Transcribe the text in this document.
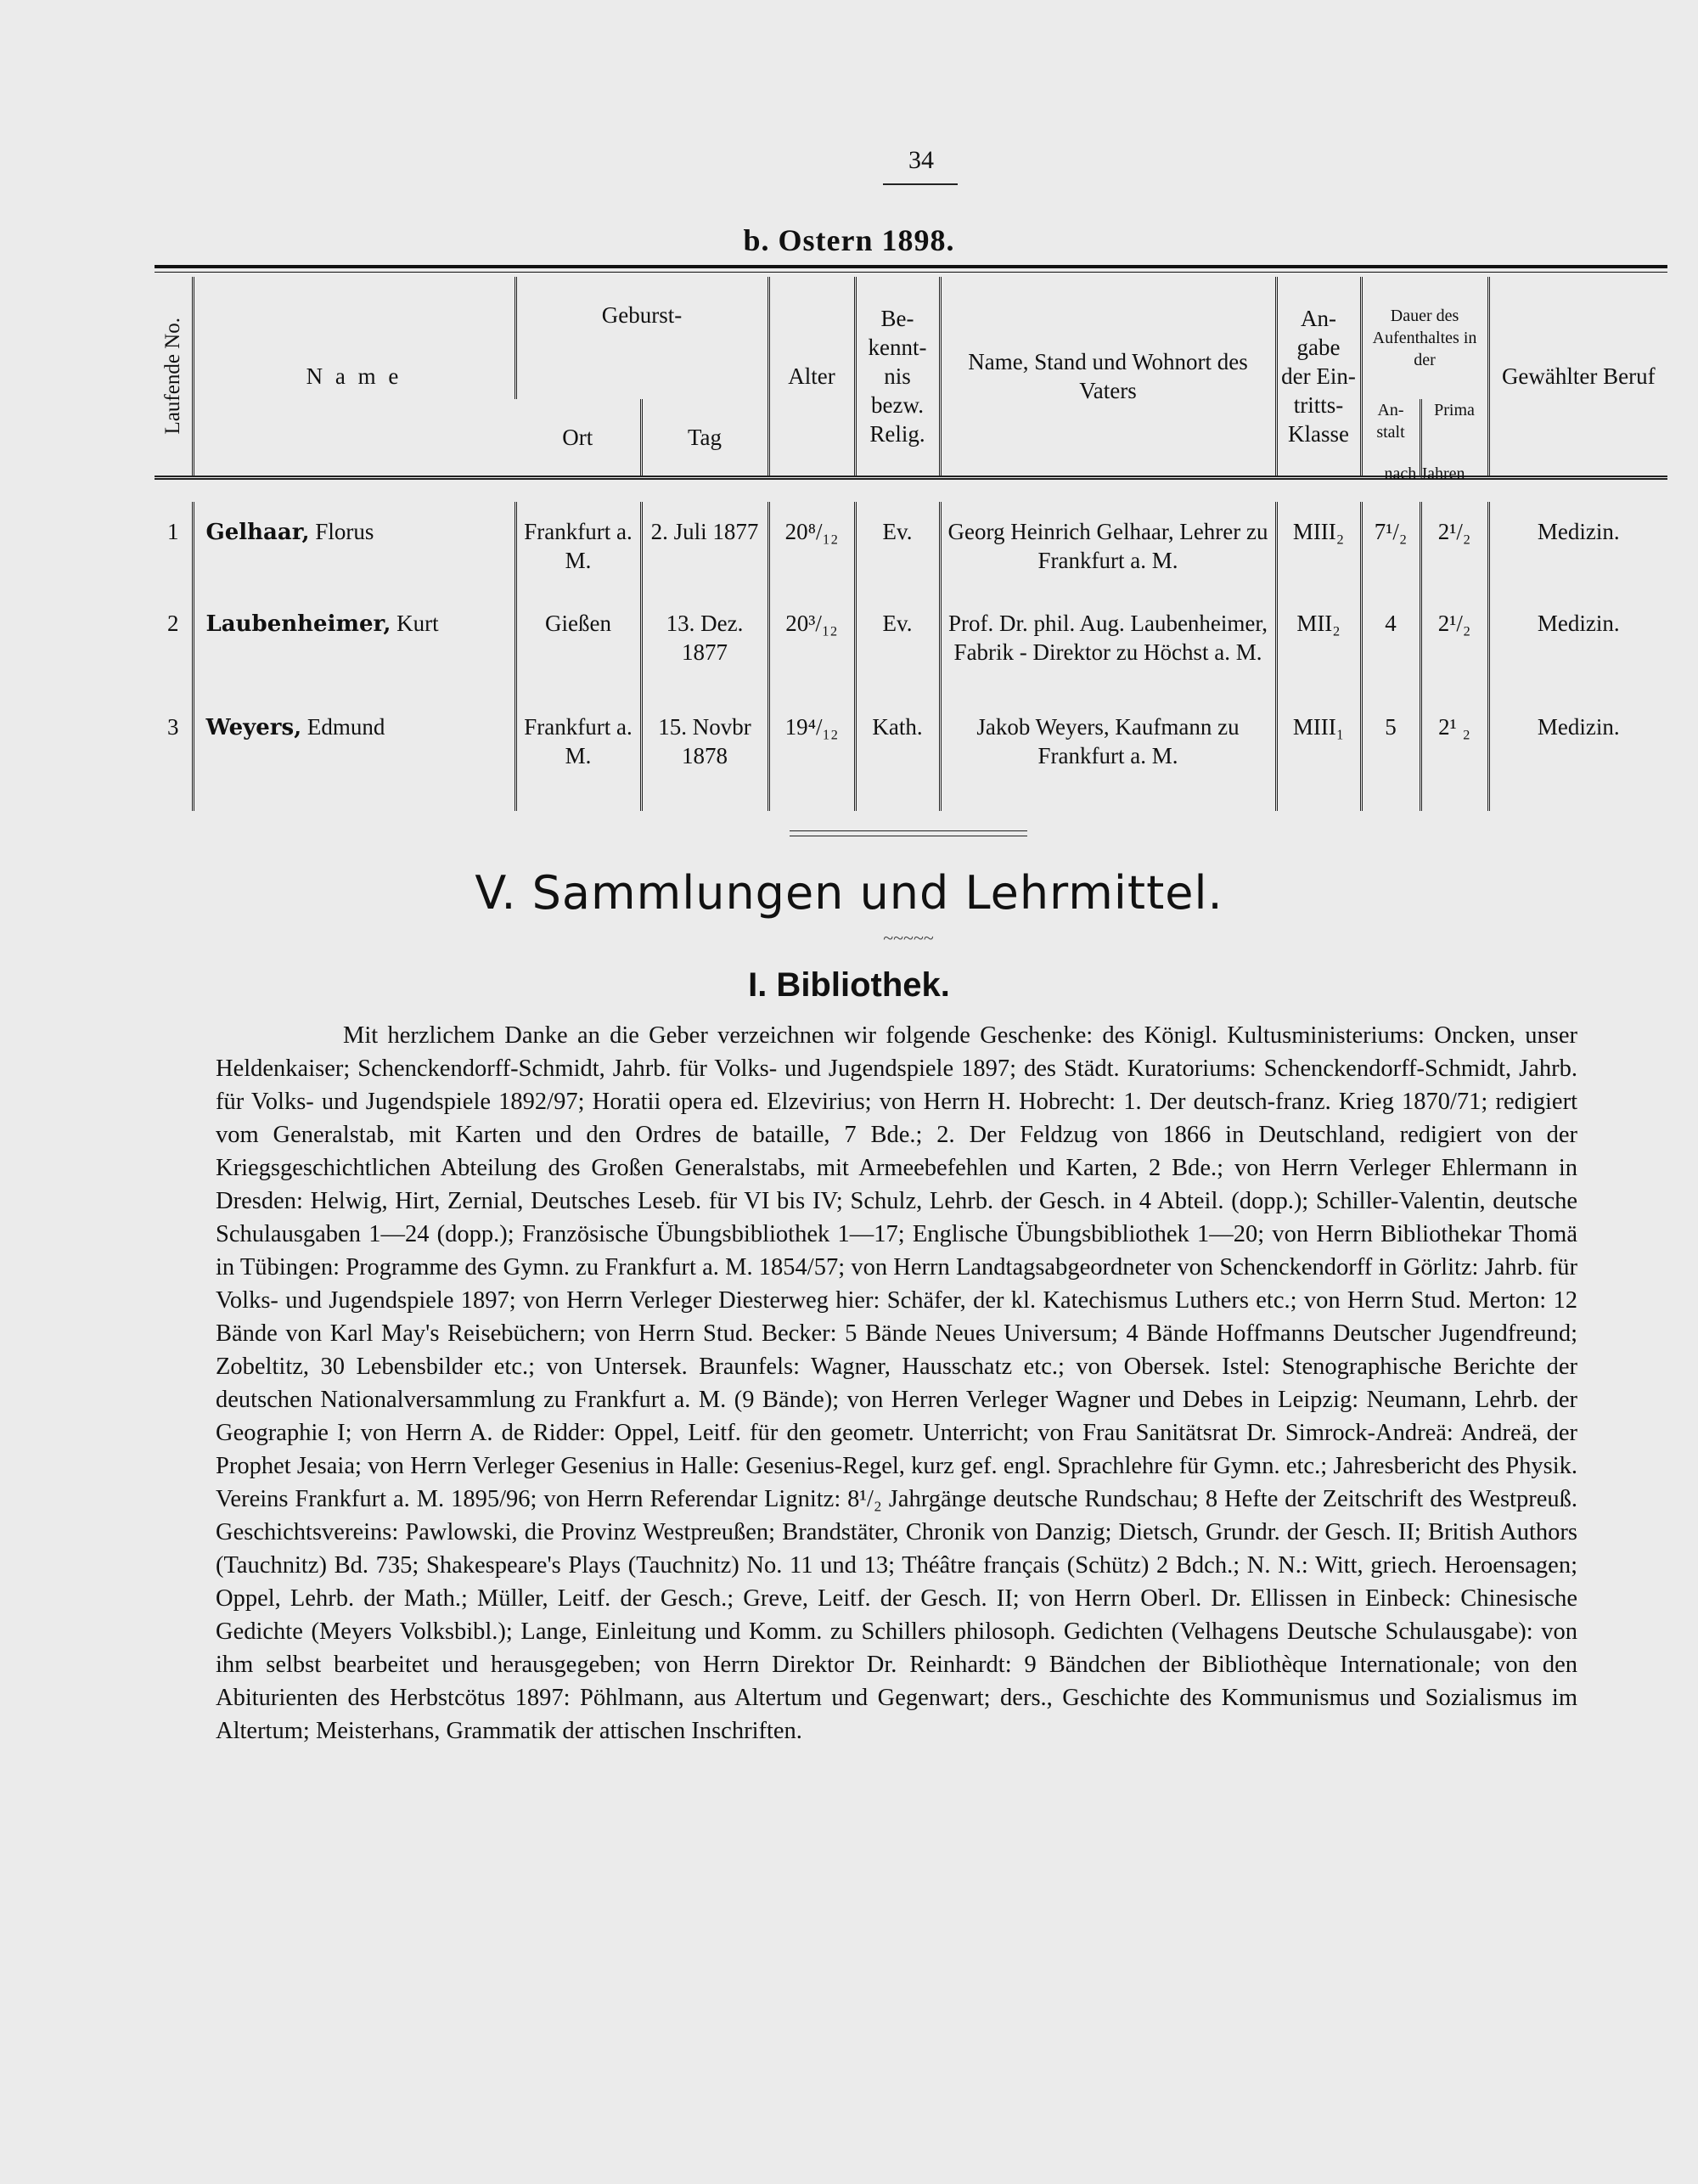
34
b. Ostern 1898.
Laufende No.	N a m e	Geburst-		Alter	Be-kennt-nis bezw. Relig.	Name, Stand und Wohnort des Vaters	An-gabe der Ein-tritts-Klasse	Dauer des Aufenthaltes in der		Gewählter Beruf
		Ort	Tag					An-stalt	Prima	
								nach Jahren		
1	Gelhaar, Florus	Frankfurt a. M.	2. Juli 1877	20⁸/₁₂	Ev.	Georg Heinrich Gelhaar, Lehrer zu Frankfurt a. M.	MIII₂	7¹/₂	2¹/₂	Medizin.
2	Laubenheimer, Kurt	Gießen	13. Dez. 1877	20³/₁₂	Ev.	Prof. Dr. phil. Aug. Laubenheimer, Fabrik - Direktor zu Höchst a. M.	MII₂	4	2¹/₂	Medizin.
3	Weyers, Edmund	Frankfurt a. M.	15. Novbr 1878	19⁴/₁₂	Kath.	Jakob Weyers, Kaufmann zu Frankfurt a. M.	MIII₁	5	2¹ ₂	Medizin.
V. Sammlungen und Lehrmittel.
~~~~~
I. Bibliothek.
Mit herzlichem Danke an die Geber verzeichnen wir folgende Geschenke: des Königl. Kultusministeriums: Oncken, unser Heldenkaiser; Schenckendorff-Schmidt, Jahrb. für Volks- und Jugendspiele 1897; des Städt. Kuratoriums: Schenckendorff-Schmidt, Jahrb. für Volks- und Jugendspiele 1892/97; Horatii opera ed. Elzevirius; von Herrn H. Hobrecht: 1. Der deutsch-franz. Krieg 1870/71; redigiert vom Generalstab, mit Karten und den Ordres de bataille, 7 Bde.; 2. Der Feldzug von 1866 in Deutschland, redigiert von der Kriegsgeschichtlichen Abteilung des Großen Generalstabs, mit Armeebefehlen und Karten, 2 Bde.; von Herrn Verleger Ehlermann in Dresden: Helwig, Hirt, Zernial, Deutsches Leseb. für VI bis IV; Schulz, Lehrb. der Gesch. in 4 Abteil. (dopp.); Schiller-Valentin, deutsche Schulausgaben 1—24 (dopp.); Französische Übungsbibliothek 1—17; Englische Übungsbibliothek 1—20; von Herrn Bibliothekar Thomä in Tübingen: Programme des Gymn. zu Frankfurt a. M. 1854/57; von Herrn Landtagsabgeordneter von Schenckendorff in Görlitz: Jahrb. für Volks- und Jugendspiele 1897; von Herrn Verleger Diesterweg hier: Schäfer, der kl. Katechismus Luthers etc.; von Herrn Stud. Merton: 12 Bände von Karl May's Reisebüchern; von Herrn Stud. Becker: 5 Bände Neues Universum; 4 Bände Hoffmanns Deutscher Jugendfreund; Zobeltitz, 30 Lebensbilder etc.; von Untersek. Braunfels: Wagner, Hausschatz etc.; von Obersek. Istel: Stenographische Berichte der deutschen Nationalversammlung zu Frankfurt a. M. (9 Bände); von Herren Verleger Wagner und Debes in Leipzig: Neumann, Lehrb. der Geographie I; von Herrn A. de Ridder: Oppel, Leitf. für den geometr. Unterricht; von Frau Sanitätsrat Dr. Simrock-Andreä: Andreä, der Prophet Jesaia; von Herrn Verleger Gesenius in Halle: Gesenius-Regel, kurz gef. engl. Sprachlehre für Gymn. etc.; Jahresbericht des Physik. Vereins Frankfurt a. M. 1895/96; von Herrn Referendar Lignitz: 8¹/₂ Jahrgänge deutsche Rundschau; 8 Hefte der Zeitschrift des Westpreuß. Geschichtsvereins: Pawlowski, die Provinz Westpreußen; Brandstäter, Chronik von Danzig; Dietsch, Grundr. der Gesch. II; British Authors (Tauchnitz) Bd. 735; Shakespeare's Plays (Tauchnitz) No. 11 und 13; Théâtre français (Schütz) 2 Bdch.; N. N.: Witt, griech. Heroensagen; Oppel, Lehrb. der Math.; Müller, Leitf. der Gesch.; Greve, Leitf. der Gesch. II; von Herrn Oberl. Dr. Ellissen in Einbeck: Chinesische Gedichte (Meyers Volksbibl.); Lange, Einleitung und Komm. zu Schillers philosoph. Gedichten (Velhagens Deutsche Schulausgabe): von ihm selbst bearbeitet und herausgegeben; von Herrn Direktor Dr. Reinhardt: 9 Bändchen der Bibliothèque Internationale; von den Abiturienten des Herbstcötus 1897: Pöhlmann, aus Altertum und Gegenwart; ders., Geschichte des Kommunismus und Sozialismus im Altertum; Meisterhans, Grammatik der attischen Inschriften.
